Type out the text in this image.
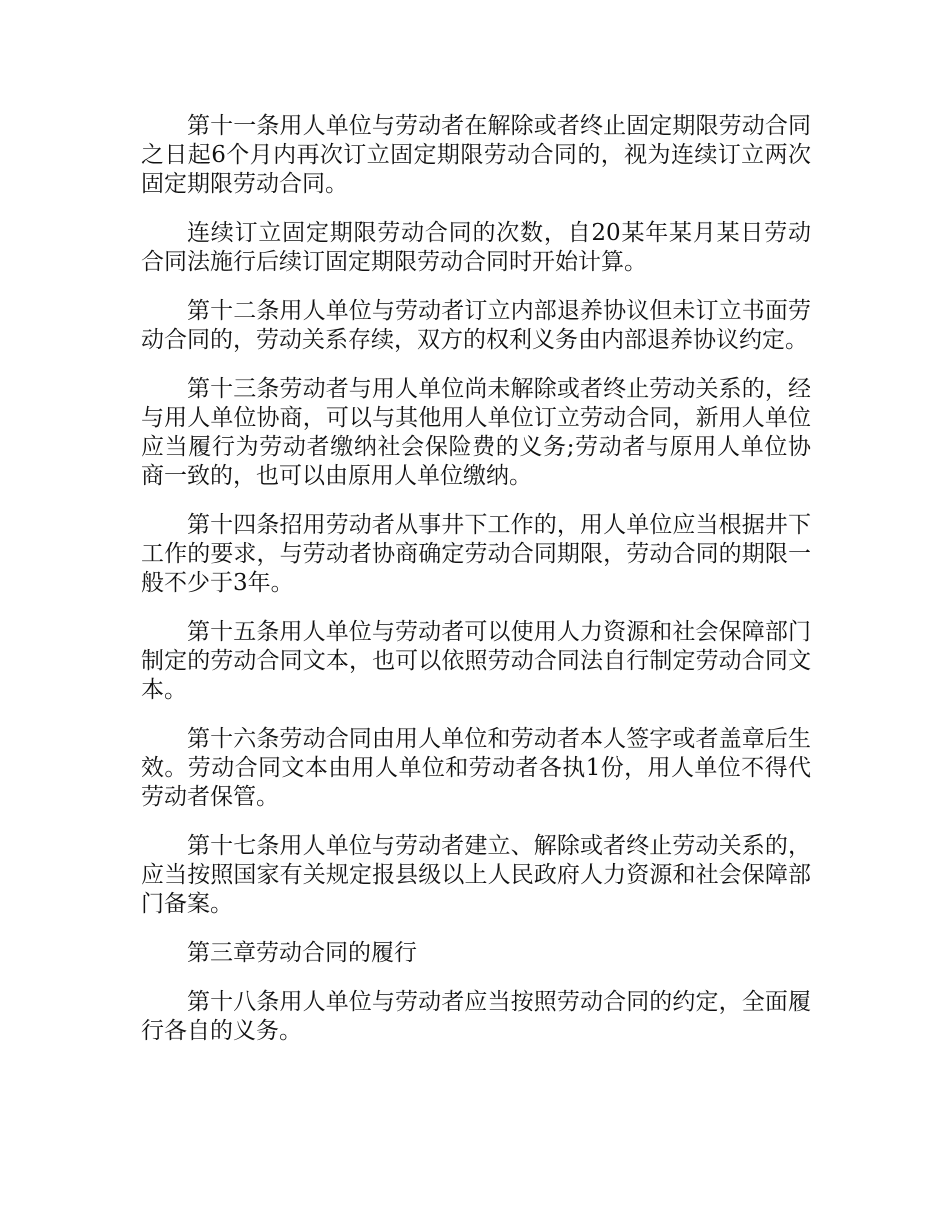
第十一条用人单位与劳动者在解除或者终止固定期限劳动合同之日起6个月内再次订立固定期限劳动合同的，视为连续订立两次固定期限劳动合同。

连续订立固定期限劳动合同的次数，自20某年某月某日劳动合同法施行后续订固定期限劳动合同时开始计算。

第十二条用人单位与劳动者订立内部退养协议但未订立书面劳动合同的，劳动关系存续，双方的权利义务由内部退养协议约定。

第十三条劳动者与用人单位尚未解除或者终止劳动关系的，经与用人单位协商，可以与其他用人单位订立劳动合同，新用人单位应当履行为劳动者缴纳社会保险费的义务;劳动者与原用人单位协商一致的，也可以由原用人单位缴纳。

第十四条招用劳动者从事井下工作的，用人单位应当根据井下工作的要求，与劳动者协商确定劳动合同期限，劳动合同的期限一般不少于3年。

第十五条用人单位与劳动者可以使用人力资源和社会保障部门制定的劳动合同文本，也可以依照劳动合同法自行制定劳动合同文本。

第十六条劳动合同由用人单位和劳动者本人签字或者盖章后生效。劳动合同文本由用人单位和劳动者各执1份，用人单位不得代劳动者保管。

第十七条用人单位与劳动者建立、解除或者终止劳动关系的，应当按照国家有关规定报县级以上人民政府人力资源和社会保障部门备案。

第三章劳动合同的履行

第十八条用人单位与劳动者应当按照劳动合同的约定，全面履行各自的义务。
